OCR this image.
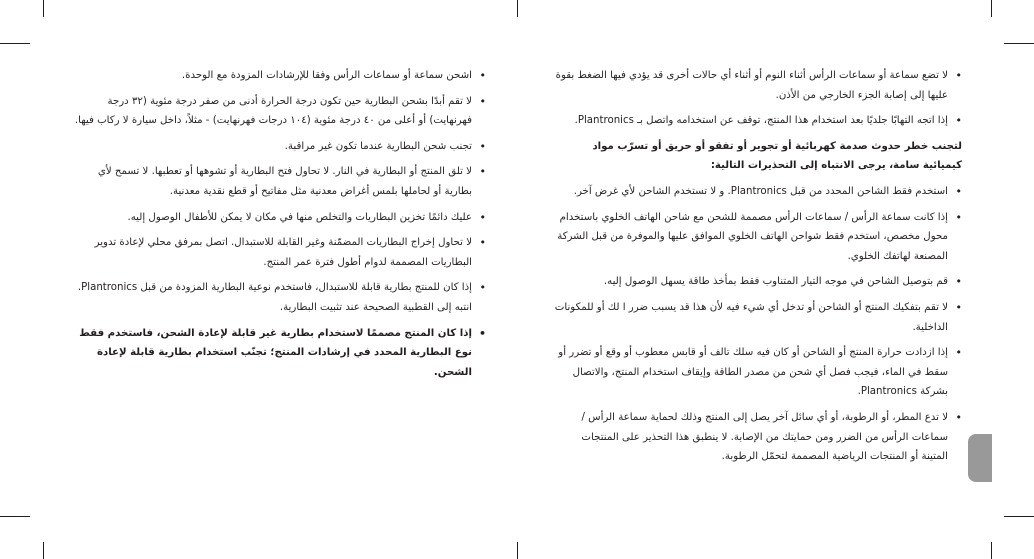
• اشحن سماعة أو سماعات الرأس وفقا للإرشادات المزودة مع الوحدة.
• لا تقم أبدًا بشحن البطارية حين تكون درجة الحرارة أدنى من صفر درجة مئوية (٣٢ درجة فهرنهايت) أو أعلى من ٤٠ درجة مئوية (١٠٤ درجات فهرنهايت) - مثلاً، داخل سيارة لا ركاب فيها.
• تجنب شحن البطارية عندما تكون غير مراقبة.
• لا تلق المنتج أو البطارية في النار. لا تحاول فتح البطارية أو تشوهها أو تعطبها. لا تسمح لأي بطارية أو لحاملها بلمس أغراض معدنية مثل مفاتيح أو قطع نقدية معدنية.
• عليك دائمًا تخزين البطاريات والتخلص منها في مكان لا يمكن للأطفال الوصول إليه.
• لا تحاول إخراج البطاريات المضمّنة وغير القابلة للاستبدال. اتصل بمرفق محلي لإعادة تدوير البطاريات المصممة لدوام أطول فترة عمر المنتج.
• إذا كان للمنتج بطارية قابلة للاستبدال، فاستخدم نوعية البطارية المزودة من قبل Plantronics. انتبه إلى القطبية الصحيحة عند تثبيت البطارية.
• إذا كان المنتج مصممًا لاستخدام بطارية غير قابلة لإعادة الشحن، فاستخدم فقط نوع البطارية المحدد في إرشادات المنتج؛ تجنّب استخدام بطارية قابلة لإعادة الشحن.
• لا تضع سماعة أو سماعات الرأس أثناء النوم أو أثناء أي حالات أخرى قد يؤدي فيها الضغط بقوة عليها إلى إصابة الجزء الخارجي من الأذن.
• إذا اتجه التهابًا جلديًا بعد استخدام هذا المنتج، توقف عن استخدامه واتصل بـ Plantronics.
لتجنب خطر حدوث صدمة كهربائية أو تجوير أو تفقو أو حريق أو تسرّب مواد كيميائية سامة، يرجى الانتباه إلى التحذيرات التالية:
• استخدم فقط الشاحن المحدد من قبل Plantronics. و لا تستخدم الشاحن لأي غرض آخر.
• إذا كانت سماعة الرأس / سماعات الرأس مصممة للشحن مع شاحن الهاتف الخلوي باستخدام محول مخصص، استخدم فقط شواحن الهاتف الخلوي الموافق عليها والموفرة من قبل الشركة المصنعة لهاتفك الخلوي.
• قم بتوصيل الشاحن في موجه التيار المتناوب فقط بمأخذ طاقة يسهل الوصول إليه.
• لا تقم بتفكيك المنتج أو الشاحن أو تدخل أي شيء فيه لأن هذا قد يسبب ضرر ا لك أو للمكونات الداخلية.
• إذا ازدادت حرارة المنتج أو الشاحن أو كان فيه سلك تالف أو قابس معطوب أو وقع أو تضرر أو سقط في الماء، فيجب فصل أي شحن من مصدر الطاقة وإيقاف استخدام المنتج، والاتصال بشركة Plantronics.
• لا تدع المطر، أو الرطوبة، أو أي سائل آخر يصل إلى المنتج وذلك لحماية سماعة الرأس / سماعات الرأس من الضرر ومن حمايتك من الإصابة. لا ينطبق هذا التحذير على المنتجات المتينة أو المنتجات الرياضية المصممة لتحمّل الرطوبة.
